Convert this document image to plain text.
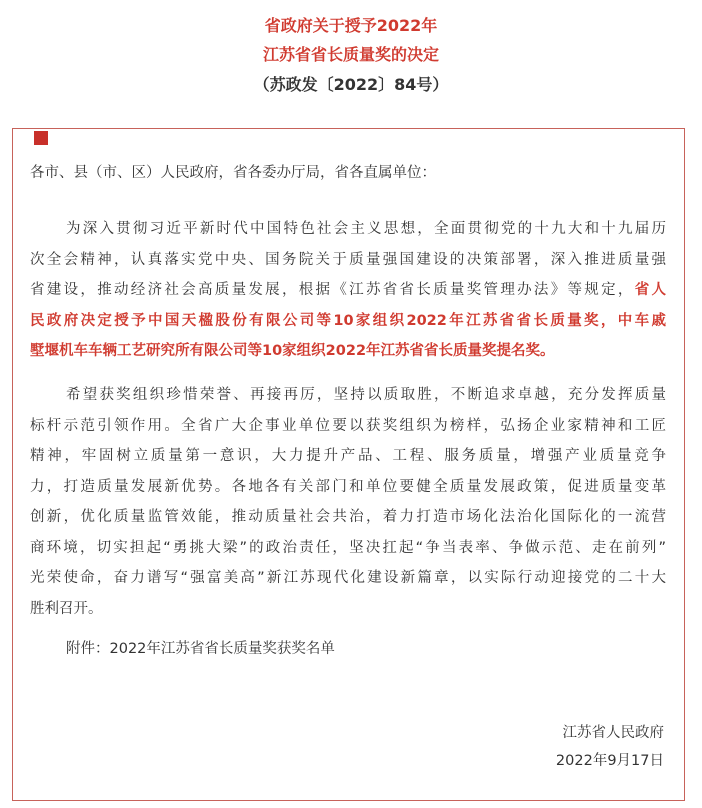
省政府关于授予2022年
江苏省省长质量奖的决定
（苏政发〔2022〕84号）
各市、县（市、区）人民政府，省各委办厅局，省各直属单位：
为深入贯彻习近平新时代中国特色社会主义思想，全面贯彻党的十九大和十九届历
次全会精神，认真落实党中央、国务院关于质量强国建设的决策部署，深入推进质量强
省建设，推动经济社会高质量发展，根据《江苏省省长质量奖管理办法》等规定，省人
民政府决定授予中国天楹股份有限公司等10家组织2022年江苏省省长质量奖，中车戚
墅堰机车车辆工艺研究所有限公司等10家组织2022年江苏省省长质量奖提名奖。
希望获奖组织珍惜荣誉、再接再厉，坚持以质取胜，不断追求卓越，充分发挥质量
标杆示范引领作用。全省广大企事业单位要以获奖组织为榜样，弘扬企业家精神和工匠
精神，牢固树立质量第一意识，大力提升产品、工程、服务质量，增强产业质量竞争
力，打造质量发展新优势。各地各有关部门和单位要健全质量发展政策，促进质量变革
创新，优化质量监管效能，推动质量社会共治，着力打造市场化法治化国际化的一流营
商环境，切实担起“勇挑大梁”的政治责任，坚决扛起“争当表率、争做示范、走在前列”
光荣使命，奋力谱写“强富美高”新江苏现代化建设新篇章，以实际行动迎接党的二十大
胜利召开。
附件：2022年江苏省省长质量奖获奖名单
江苏省人民政府
2022年9月17日
